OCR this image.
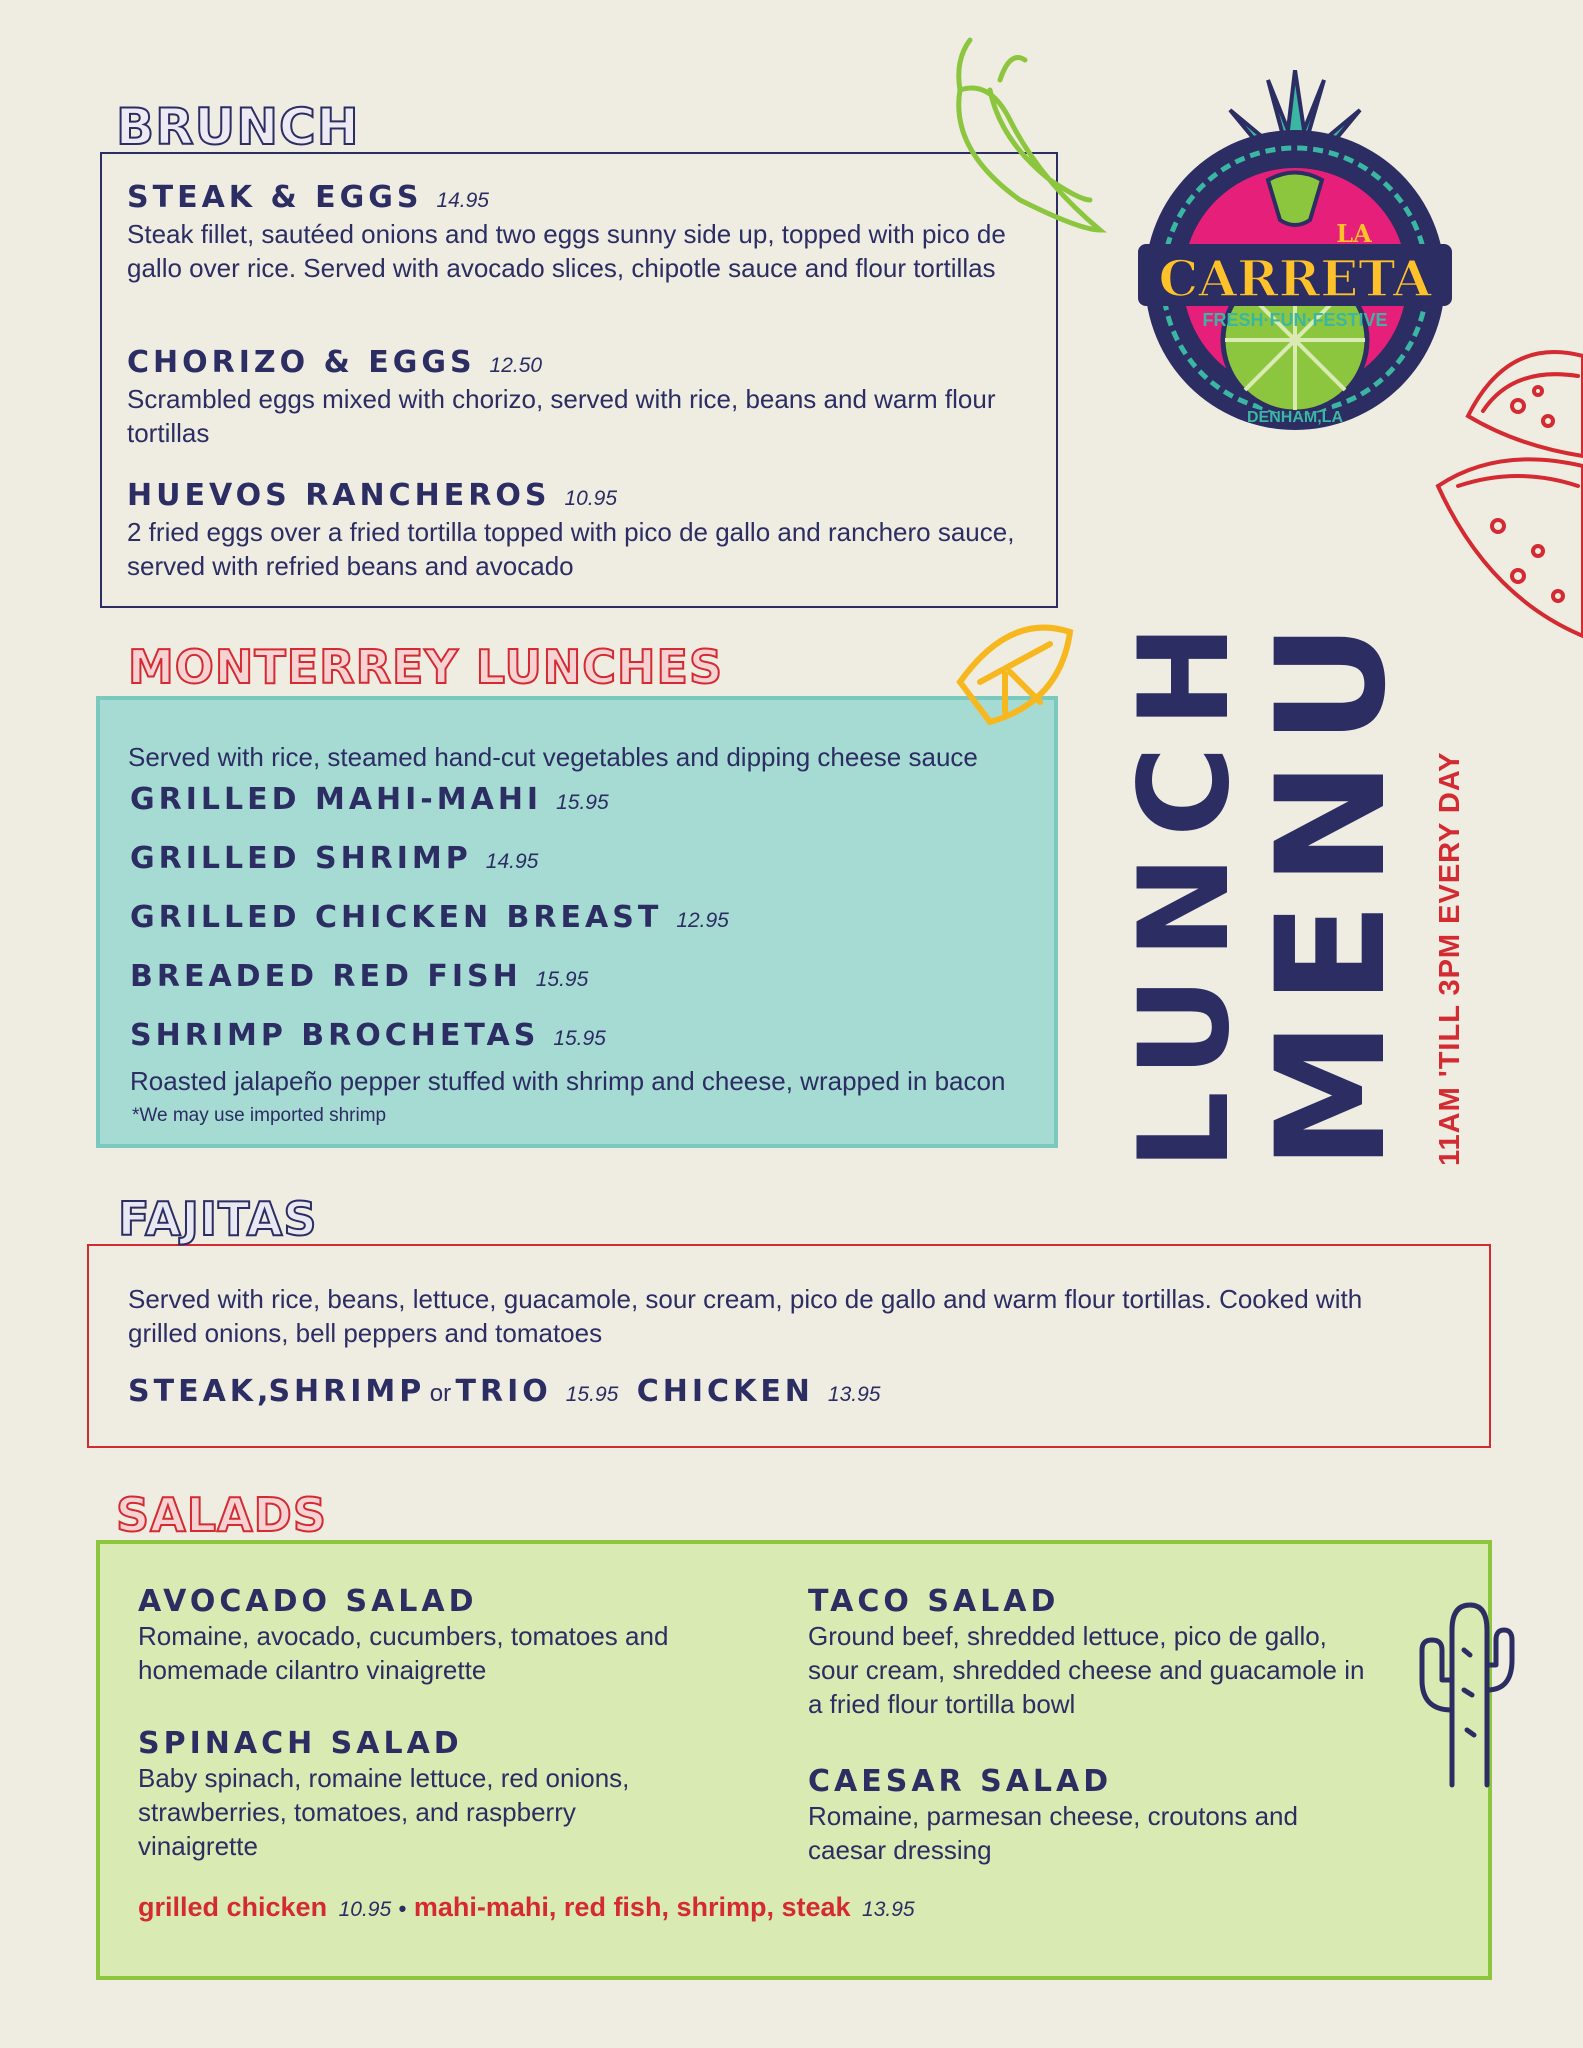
BRUNCH
STEAK & EGGS 14.95
Steak fillet, sautéed onions and two eggs sunny side up, topped with pico de gallo over rice. Served with avocado slices, chipotle sauce and flour tortillas
CHORIZO & EGGS 12.50
Scrambled eggs mixed with chorizo, served with rice, beans and warm flour tortillas
HUEVOS RANCHEROS 10.95
2 fried eggs over a fried tortilla topped with pico de gallo and ranchero sauce, served with refried beans and avocado
MONTERREY LUNCHES
Served with rice, steamed hand-cut vegetables and dipping cheese sauce
GRILLED MAHI-MAHI 15.95
GRILLED SHRIMP 14.95
GRILLED CHICKEN BREAST 12.95
BREADED RED FISH 15.95
SHRIMP BROCHETAS 15.95
Roasted jalapeño pepper stuffed with shrimp and cheese, wrapped in bacon
*We may use imported shrimp
FAJITAS
Served with rice, beans, lettuce, guacamole, sour cream, pico de gallo and warm flour tortillas. Cooked with grilled onions, bell peppers and tomatoes
STEAK,SHRIMP or TRIO 15.95 CHICKEN 13.95
SALADS
AVOCADO SALAD
Romaine, avocado, cucumbers, tomatoes and homemade cilantro vinaigrette
SPINACH SALAD
Baby spinach, romaine lettuce, red onions, strawberries, tomatoes, and raspberry vinaigrette
TACO SALAD
Ground beef, shredded lettuce, pico de gallo, sour cream, shredded cheese and guacamole in a fried flour tortilla bowl
CAESAR SALAD
Romaine, parmesan cheese, croutons and caesar dressing
grilled chicken 10.95 • mahi-mahi, red fish, shrimp, steak 13.95
LUNCH
MENU 11AM 'TILL 3PM EVERY DAY
LA
CARRETA
FRESH·FUN·FESTIVE
DENHAM,LA
